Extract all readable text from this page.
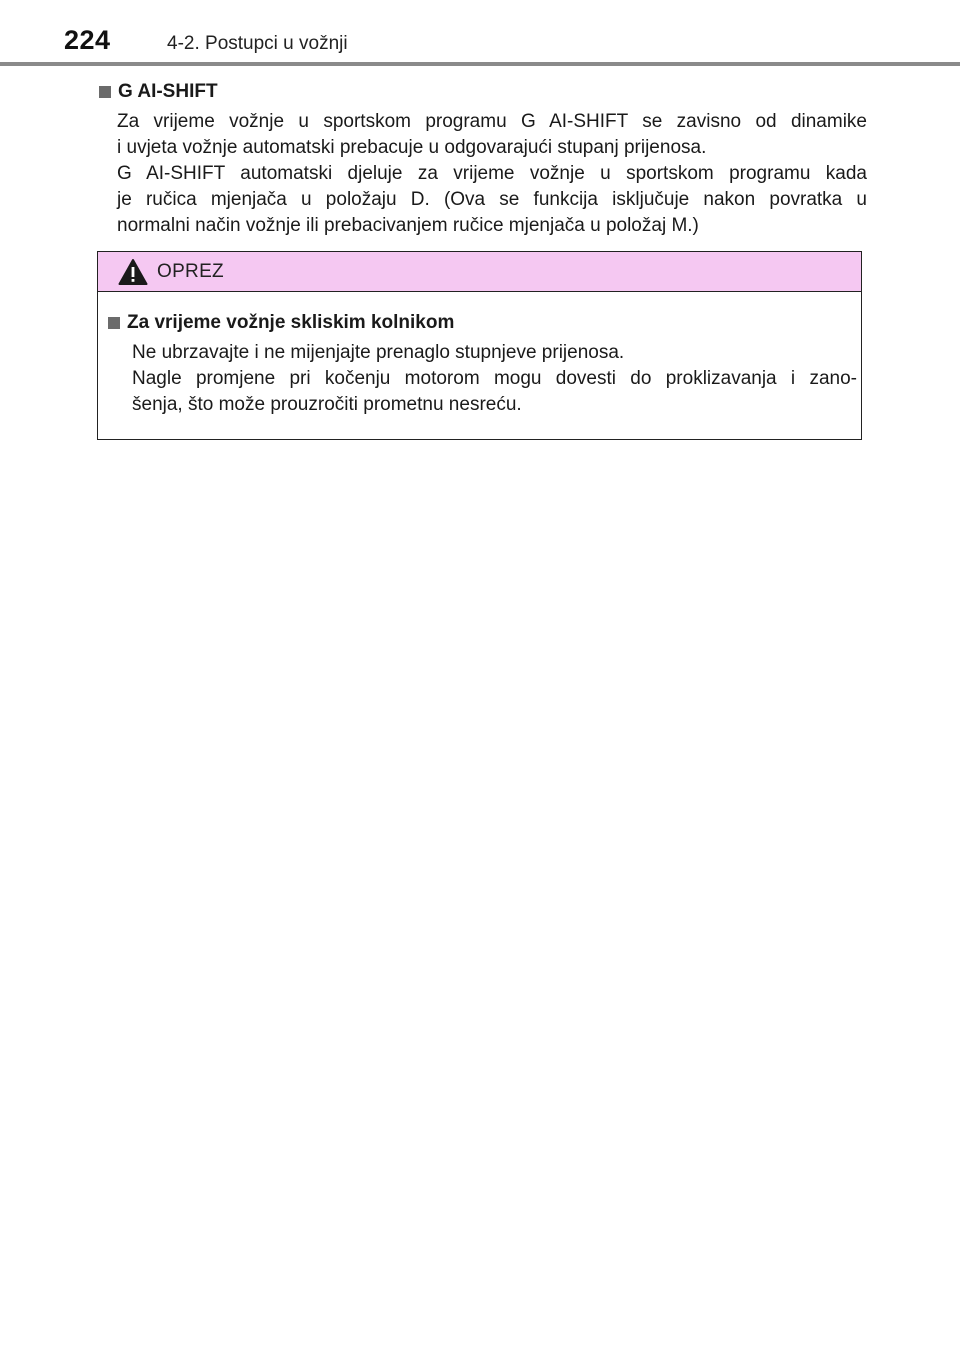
224	4-2. Postupci u vožnji
G AI-SHIFT
Za vrijeme vožnje u sportskom programu G AI-SHIFT se zavisno od dinamike
i uvjeta vožnje automatski prebacuje u odgovarajući stupanj prijenosa.
G AI-SHIFT automatski djeluje za vrijeme vožnje u sportskom programu kada
je ručica mjenjača u položaju D. (Ova se funkcija isključuje nakon povratka u
normalni način vožnje ili prebacivanjem ručice mjenjača u položaj M.)
OPREZ
Za vrijeme vožnje skliskim kolnikom
Ne ubrzavajte i ne mijenjajte prenaglo stupnjeve prijenosa.
Nagle promjene pri kočenju motorom mogu dovesti do proklizavanja i zano-
šenja, što može prouzročiti prometnu nesreću.
